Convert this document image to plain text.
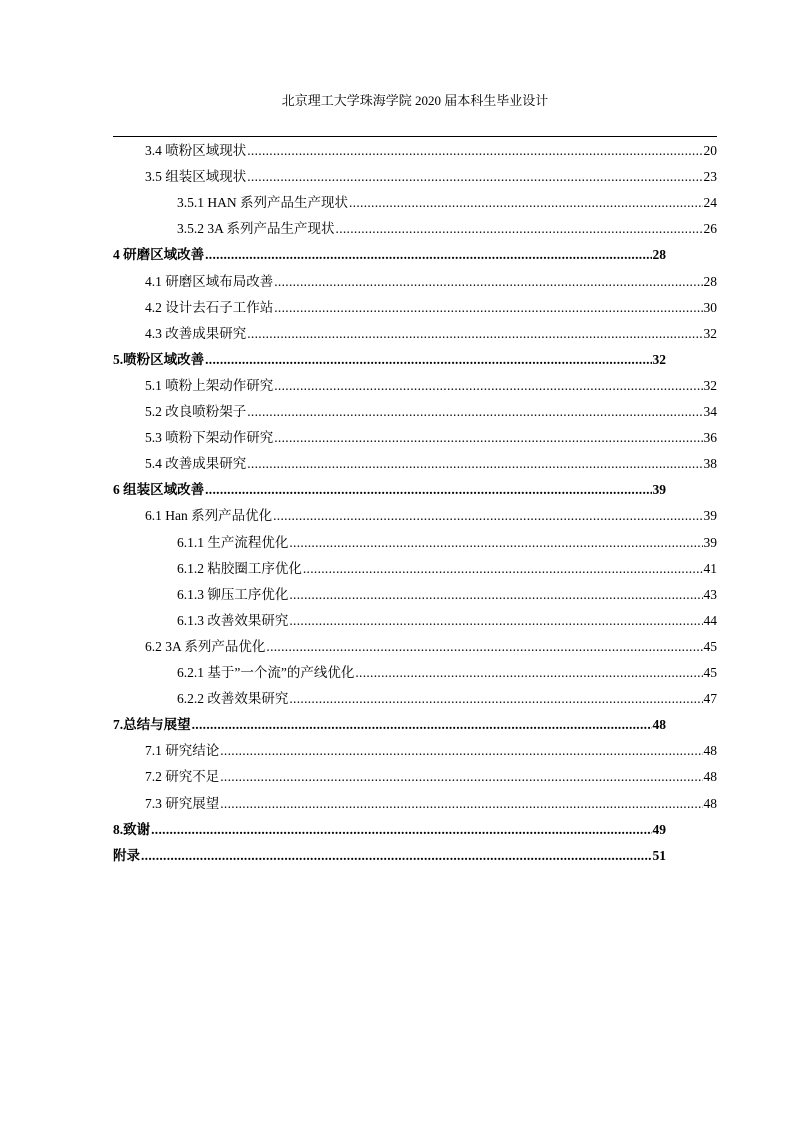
北京理工大学珠海学院 2020 届本科生毕业设计
3.4 喷粉区域现状 .....	20
3.5 组装区域现状 .....	23
3.5.1 HAN 系列产品生产现状 .....	24
3.5.2 3A 系列产品生产现状 .....	26
4 研磨区域改善 .....	28
4.1 研磨区域布局改善 .....	28
4.2 设计去石子工作站 .....	30
4.3 改善成果研究 .....	32
5.喷粉区域改善 .....	32
5.1 喷粉上架动作研究 .....	32
5.2 改良喷粉架子 .....	34
5.3 喷粉下架动作研究 .....	36
5.4 改善成果研究 .....	38
6 组装区域改善 .....	39
6.1 Han 系列产品优化 .....	39
6.1.1 生产流程优化 .....	39
6.1.2 粘胶圈工序优化 .....	41
6.1.3 铆压工序优化 .....	43
6.1.3 改善效果研究 .....	44
6.2 3A 系列产品优化 .....	45
6.2.1 基于”一个流”的产线优化 .....	45
6.2.2 改善效果研究 .....	47
7.总结与展望 .....	48
7.1 研究结论 .....	48
7.2 研究不足 .....	48
7.3 研究展望 .....	48
8.致谢 .....	49
附录 .....	51
